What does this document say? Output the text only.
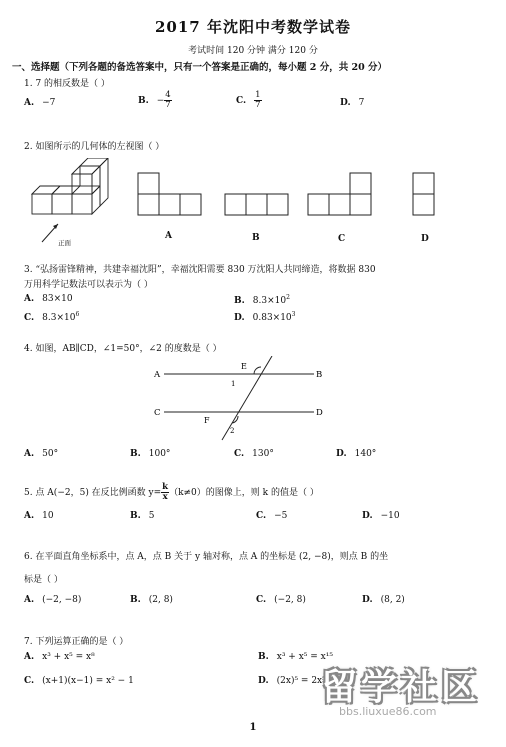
2017 年沈阳中考数学试卷
考试时间 120 分钟 满分 120 分
一、选择题（下列各题的备选答案中，只有一个答案是正确的，每小题 2 分，共 20 分）
1. 7 的相反数是（ ）
A. −7	B. − $\frac{4}{7}$	C. $\frac{1}{7}$	D. 7
2. 如图所示的几何体的左视图（ ）
正面
A	B	C	D
3. “弘扬雷锋精神，共建幸福沈阳”，幸福沈阳需要 830 万沈阳人共同缔造，将数据 830
万用科学记数法可以表示为（ ）
A. 83×10	B. $8.3\times 10^2$
C. $8.3\times 10^6$	D. $0.83\times 10^3$
4. 如图，AB∥CD，∠1=50°，∠2 的度数是（ ）
A	B
C	D
E
F
1
2
A. 50°	B. 100°	C. 130°	D. 140°
5. 点 A(−2，5) 在反比例函数 $y= \frac{k}{x} (k\ne 0)$的图像上，则 k 的值是（ ）
A. 10	B. 5	C. −5	D. −10
6. 在平面直角坐标系中，点 A，点 B 关于 y 轴对称，点 A 的坐标是 (2, −8)，则点 B 的坐
标是（ ）
A. (−2, −8)	B. (2, 8)	C. (−2, 8)	D. (8, 2)
7. 下列运算正确的是（ ）
A. x³ + x⁵ = x⁸	B. x³ + x⁵ = x¹⁵
C. (x+1)(x−1) = x² − 1	D. (2x)⁵ = 2x⁵
1
留学社区
bbs.liuxue86.com
